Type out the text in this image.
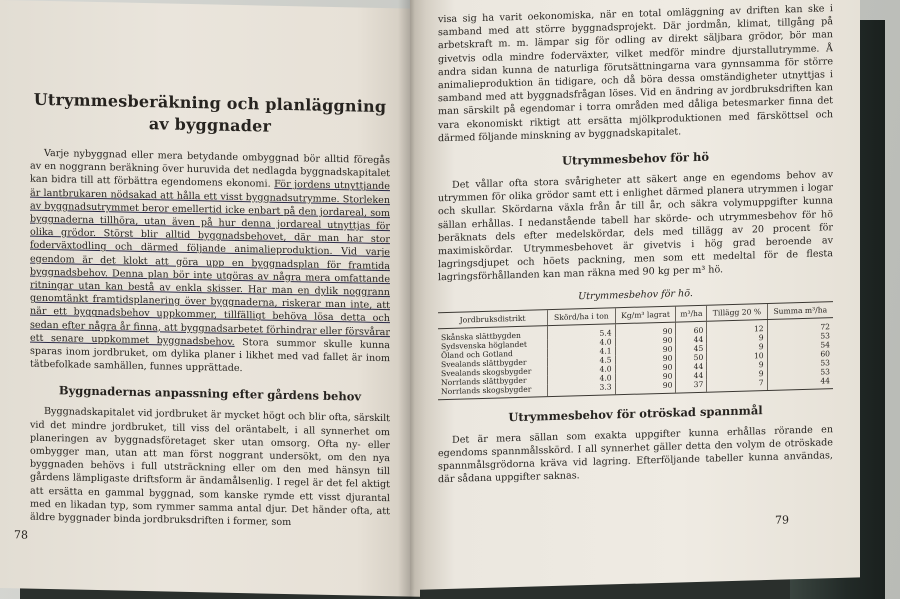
Utrymmesberäkning och planläggning av byggnader

Varje nybyggnad eller mera betydande ombyggnad bör alltid föregås av en noggrann beräkning över huruvida det nedlagda byggnadskapitalet kan bidra till att förbättra egendomens ekonomi. För jordens utnyttjande är lantbrukaren nödsakad att hålla ett visst byggnadsutrymme. Storleken av byggnadsutrymmet beror emellertid icke enbart på den jordareal, som byggnaderna tillhöra, utan även på hur denna jordareal utnyttjas för olika grödor. Störst blir alltid byggnadsbehovet, där man har stor foderväxtodling och därmed följande animalieproduktion. Vid varje egendom är det klokt att göra upp en byggnadsplan för framtida byggnadsbehov. Denna plan bör inte utgöras av några mera omfattande ritningar utan kan bestå av enkla skisser. Har man en dylik noggrann genomtänkt framtidsplanering över byggnaderna, riskerar man inte, att när ett byggnadsbehov uppkommer, tillfälligt behöva lösa detta och sedan efter några år finna, att byggnadsarbetet förhindrar eller försvårar ett senare uppkommet byggnadsbehov. Stora summor skulle kunna sparas inom jordbruket, om dylika planer i likhet med vad fallet är inom tätbefolkade samhällen, funnes upprättade.

Byggnadernas anpassning efter gårdens behov

Byggnadskapitalet vid jordbruket är mycket högt och blir ofta, särskilt vid det mindre jordbruket, till viss del oräntabelt, i all synnerhet om planeringen av byggnadsföretaget sker utan omsorg. Ofta ny- eller ombygger man, utan att man först noggrant undersökt, om den nya byggnaden behövs i full utsträckning eller om den med hänsyn till gårdens lämpligaste driftsform är ändamålsenlig. I regel är det fel aktigt att ersätta en gammal byggnad, som kanske rymde ett visst djurantal med en likadan typ, som rymmer samma antal djur. Det händer ofta, att äldre byggnader binda jordbruksdriften i former, som

78

visa sig ha varit oekonomiska, när en total omläggning av driften kan ske i samband med att större byggnadsprojekt. Där jordmån, klimat, tillgång på arbetskraft m. m. lämpar sig för odling av direkt säljbara grödor, bör man givetvis odla mindre foderväxter, vilket medför mindre djurstallutrymme. Å andra sidan kunna de naturliga förutsättningarna vara gynnsamma för större animalieproduktion än tidigare, och då böra dessa omständigheter utnyttjas i samband med att byggnadsfrågan löses. Vid en ändring av jordbruksdriften kan man särskilt på egendomar i torra områden med dåliga betesmarker finna det vara ekonomiskt riktigt att ersätta mjölkproduktionen med färsköttsel och därmed följande minskning av byggnadskapitalet.

Utrymmesbehov för hö

Det vållar ofta stora svårigheter att säkert ange en egendoms behov av utrymmen för olika grödor samt ett i enlighet därmed planera utrymmen i logar och skullar. Skördarna växla från år till år, och säkra volymuppgifter kunna sällan erhållas. I nedanstående tabell har skörde- och utrymmesbehov för hö beräknats dels efter medelskördar, dels med tillägg av 20 procent för maximiskördar. Utrymmesbehovet är givetvis i hög grad beroende av lagringsdjupet och höets packning, men som ett medeltal för de flesta lagringsförhållanden kan man räkna med 90 kg per m³ hö.

Utrymmesbehov för hö.
Jordbruksdistrikt	Skörd/ha i ton	Kg/m³ lagrat	m³/ha	Tillägg 20 %	Summa m³/ha
Skånska slättbygden	5.4	90	60	12	72
Sydsvenska höglandet	4.0	90	44	9	53
Öland och Gotland	4.1	90	45	9	54
Svealands slättbygder	4.5	90	50	10	60
Svealands skogsbygder	4.0	90	44	9	53
Norrlands slättbygder	4.0	90	44	9	53
Norrlands skogsbygder	3.3	90	37	7	44
Utrymmesbehov för otröskad spannmål

Det är mera sällan som exakta uppgifter kunna erhållas rörande en egendoms spannmålsskörd. I all synnerhet gäller detta den volym de otröskade spannmålsgrödorna kräva vid lagring. Efterföljande tabeller kunna användas, där sådana uppgifter saknas.

79
